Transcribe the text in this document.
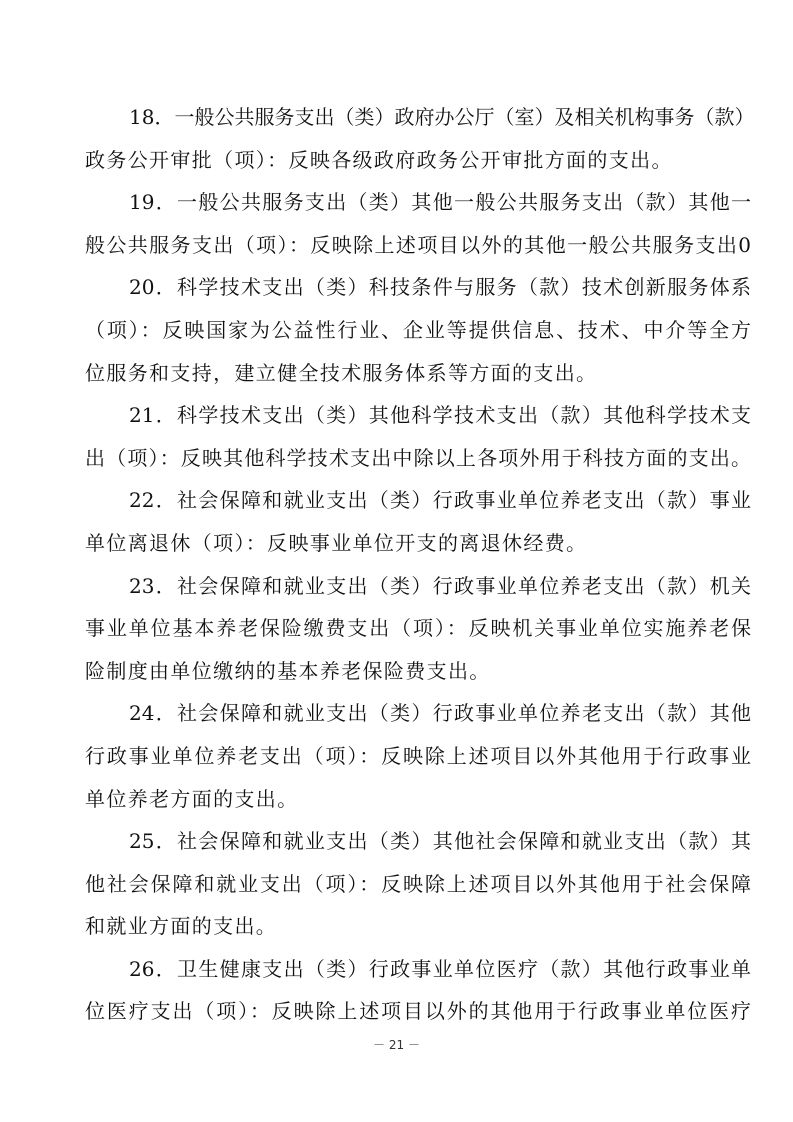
18．一般公共服务支出（类）政府办公厅（室）及相关机构事务（款）
政务公开审批（项）：反映各级政府政务公开审批方面的支出。
19．一般公共服务支出（类）其他一般公共服务支出（款）其他一
般公共服务支出（项）：反映除上述项目以外的其他一般公共服务支出0
20．科学技术支出（类）科技条件与服务（款）技术创新服务体系
（项）：反映国家为公益性行业、企业等提供信息、技术、中介等全方
位服务和支持，建立健全技术服务体系等方面的支出。
21．科学技术支出（类）其他科学技术支出（款）其他科学技术支
出（项）：反映其他科学技术支出中除以上各项外用于科技方面的支出。
22．社会保障和就业支出（类）行政事业单位养老支出（款）事业
单位离退休（项）：反映事业单位开支的离退休经费。
23．社会保障和就业支出（类）行政事业单位养老支出（款）机关
事业单位基本养老保险缴费支出（项）：反映机关事业单位实施养老保
险制度由单位缴纳的基本养老保险费支出。
24．社会保障和就业支出（类）行政事业单位养老支出（款）其他
行政事业单位养老支出（项）：反映除上述项目以外其他用于行政事业
单位养老方面的支出。
25．社会保障和就业支出（类）其他社会保障和就业支出（款）其
他社会保障和就业支出（项）：反映除上述项目以外其他用于社会保障
和就业方面的支出。
26．卫生健康支出（类）行政事业单位医疗（款）其他行政事业单
位医疗支出（项）：反映除上述项目以外的其他用于行政事业单位医疗
－ 21 －
